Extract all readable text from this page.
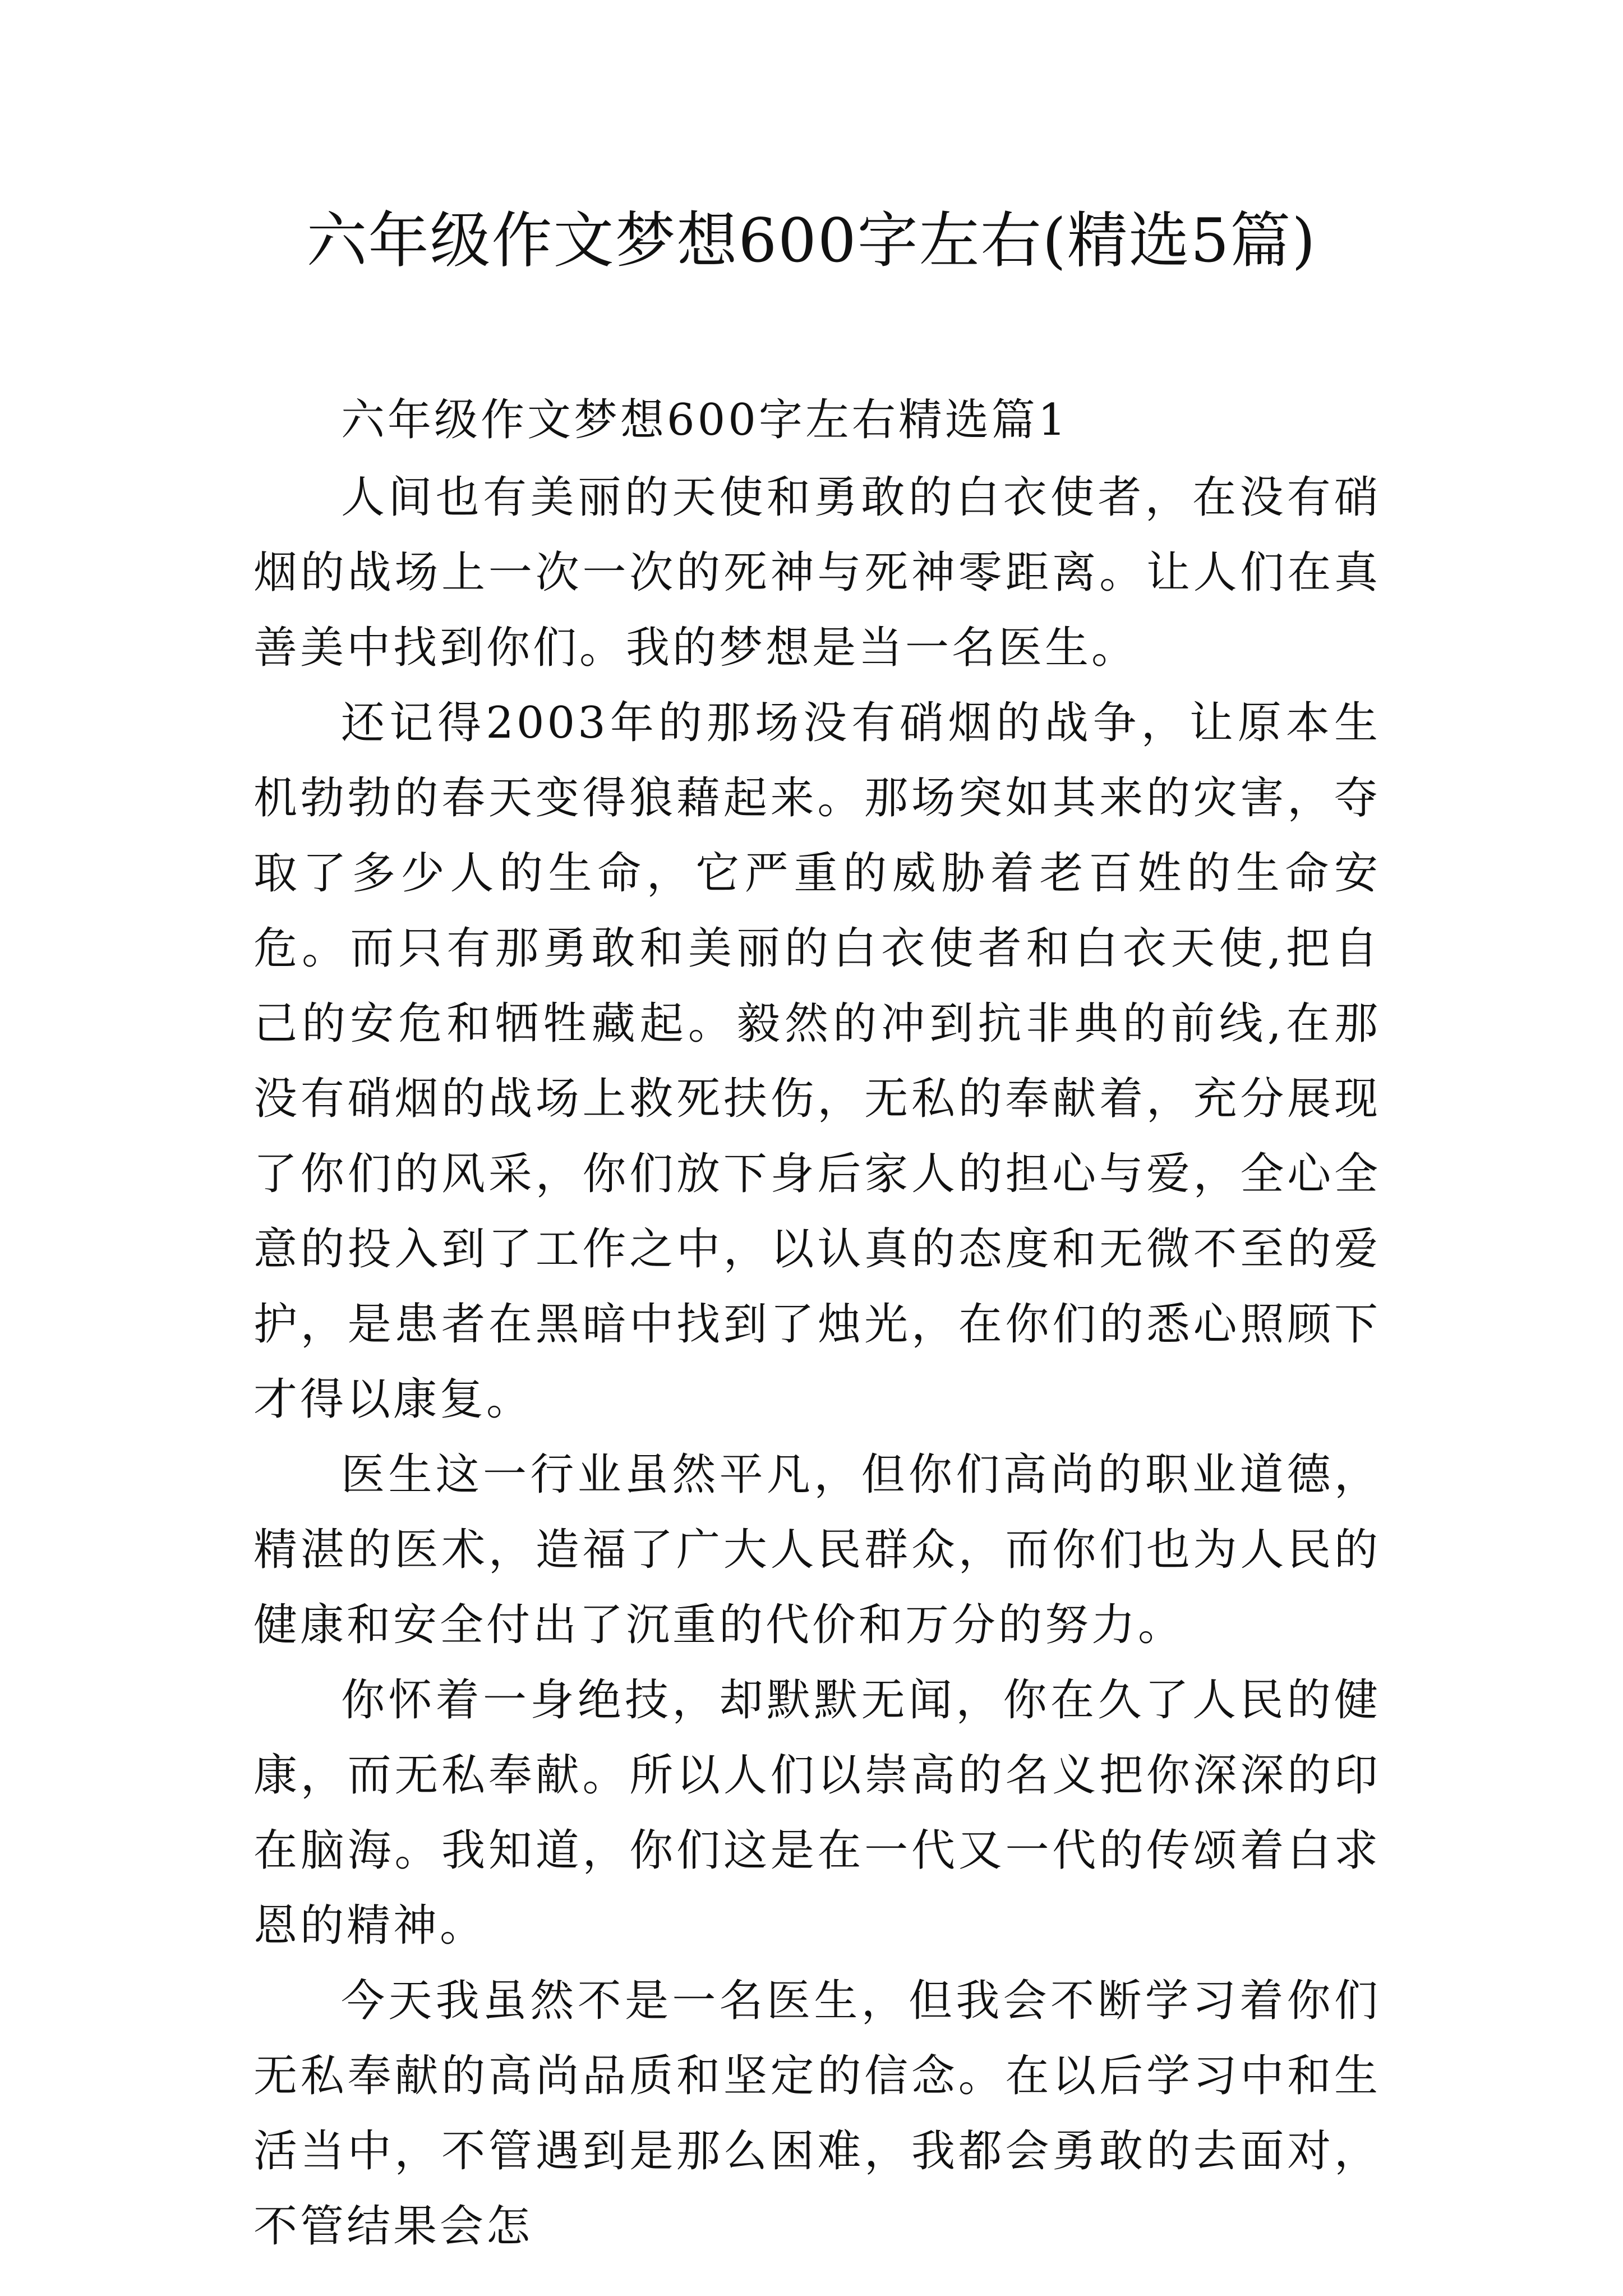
六年级作文梦想600字左右(精选5篇)

六年级作文梦想600字左右精选篇1

人间也有美丽的天使和勇敢的白衣使者，在没有硝烟的战场上一次一次的死神与死神零距离。让人们在真善美中找到你们。我的梦想是当一名医生。

还记得2003年的那场没有硝烟的战争，让原本生机勃勃的春天变得狼藉起来。那场突如其来的灾害，夺取了多少人的生命，它严重的威胁着老百姓的生命安危。而只有那勇敢和美丽的白衣使者和白衣天使,把自己的安危和牺牲藏起。毅然的冲到抗非典的前线,在那没有硝烟的战场上救死扶伤，无私的奉献着，充分展现了你们的风采，你们放下身后家人的担心与爱，全心全意的投入到了工作之中，以认真的态度和无微不至的爱护，是患者在黑暗中找到了烛光，在你们的悉心照顾下才得以康复。

医生这一行业虽然平凡，但你们高尚的职业道德，精湛的医术，造福了广大人民群众，而你们也为人民的健康和安全付出了沉重的代价和万分的努力。

你怀着一身绝技，却默默无闻，你在久了人民的健康，而无私奉献。所以人们以崇高的名义把你深深的印在脑海。我知道，你们这是在一代又一代的传颂着白求恩的精神。

今天我虽然不是一名医生，但我会不断学习着你们无私奉献的高尚品质和坚定的信念。在以后学习中和生活当中，不管遇到是那么困难，我都会勇敢的去面对，不管结果会怎
